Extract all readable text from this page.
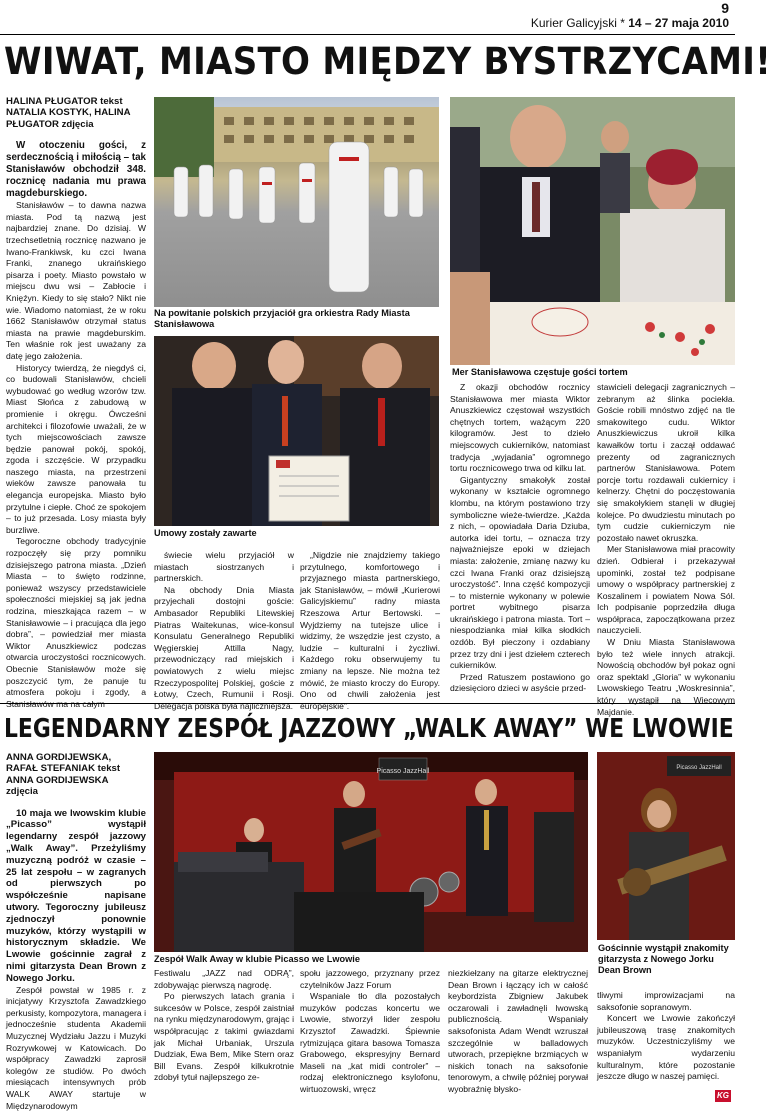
9
Kurier Galicyjski * 14 – 27 maja 2010
WIWAT, MIASTO MIĘDZY BYSTRZYCAMI!
HALINA PŁUGATOR tekst
NATALIA KOSTYK, HALINA
PŁUGATOR zdjęcia

W otoczeniu gości, z serdecznością i miłością – tak Stanisławów obchodził 348. rocznicę nadania mu prawa magdeburskiego.

Stanisławów – to dawna nazwa miasta. Pod tą nazwą jest najbardziej znane. Do dzisiaj. W trzechsetletnią rocznicę nazwano je Iwano-Frankiwsk, ku czci Iwana Franki, znanego ukraińskiego pisarza i poety. Miasto powstało w miejscu dwu wsi – Zabłocie i Knięźyn. Kiedy to się stało? Nikt nie wie. Wiadomo natomiast, że w roku 1662 Stanisławów otrzymał status miasta na prawie magdeburskim. Ten właśnie rok jest uważany za datę jego założenia.

Historycy twierdzą, że niegdyś ci, co budowali Stanisławów, chcieli wybudować go według wzorów tzw. Miast Słońca z zabudową w promienie i okręgu. Ówcześni architekci i filozofowie uważali, że w tych miejscowościach zawsze będzie panował pokój, spokój, zgoda i szczęście. W przypadku naszego miasta, na przestrzeni wieków zawsze panowała tu elegancja europejska. Miasto było przytulne i ciepłe. Choć ze spokojem – to już przesada. Losy miasta były burzliwe.

Tegoroczne obchody tradycyjnie rozpoczęły się przy pomniku dzisiejszego patrona miasta. „Dzień Miasta – to święto rodzinne, ponieważ wszyscy przedstawiciele społeczności miejskiej są jak jedna rodzina, mieszkająca razem – w Stanisławowie – i pracująca dla jego dobra”, – powiedział mer miasta Wiktor Anuszkiewicz podczas otwarcia uroczystości rocznicowych. Obecnie Stanisławów może się poszczycić tym, że panuje tu atmosfera pokoju i zgody, a Stanisławów ma na całym

Na powitanie polskich przyjaciół gra orkiestra Rady Miasta Stanisławowa
Umowy zostały zawarte

świecie wielu przyjaciół w miastach siostrzanych i partnerskich.

Na obchody Dnia Miasta przyjechali dostojni goście: Ambasador Republiki Litewskiej Piatras Waitekunas, wice-konsul Konsulatu Generalnego Republiki Węgierskiej Attilla Nagy, przewodniczący rad miejskich i powiatowych z wielu miejsc Rzeczypospolitej Polskiej, goście z Łotwy, Czech, Rumunii i Rosji. Delegacja polska była najliczniejsza.

„Nigdzie nie znajdziemy takiego przytulnego, komfortowego i przyjaznego miasta partnerskiego, jak Stanisławów, – mówił „Kurierowi Galicyjskiemu” radny miasta Rzeszowa Artur Bertowski. – Wyjdziemy na tutejsze ulice i widzimy, że wszędzie jest czysto, a ludzie – kulturalni i życzliwi. Każdego roku obserwujemy tu zmiany na lepsze. Nie można też mówić, że miasto kroczy do Europy. Ono od chwili założenia jest europejskie”.

Mer Stanisławowa częstuje gości tortem

Z okazji obchodów rocznicy Stanisławowa mer miasta Wiktor Anuszkiewicz częstował wszystkich chętnych tortem, ważącym 220 kilogramów. Jest to dzieło miejscowych cukierników, natomiast tradycja „wyjadania” ogromnego tortu rocznicowego trwa od kilku lat.

Gigantyczny smakołyk został wykonany w kształcie ogromnego klombu, na którym postawiono trzy symboliczne wieże-twierdze. „Każda z nich, – opowiadała Daria Dziuba, autorka idei tortu, – oznacza trzy najważniejsze epoki w dziejach miasta: założenie, zmianę nazwy ku czci Iwana Franki oraz dzisiejszą uroczystość”. Inna część kompozycji – to misternie wykonany w polewie portret wybitnego pisarza ukraińskiego i patrona miasta. Tort – niespodzianka miał kilka słodkich ozdób. Był pieczony i ozdabiany przez trzy dni i jest dziełem czterech cukierników.

Przed Ratuszem postawiono go dziesięciorо dzieci w asyście przed-

stawicieli delegacji zagranicznych – zebranym aż ślinka pociekła. Goście robili mnóstwo zdjęć na tle smakowitego cudu. Wiktor Anuszkiewiczus ukroił kilka kawałków tortu i zaczął oddawać prezenty od zagranicznych partnerów Stanisławowa. Potem porcje tortu rozdawali cukiernicy i kelnerzy. Chętni do poczęstowania się smakołykiem stanęli w długiej kolejce. Po dwudziestu minutach po tym cudzie cukierniczym nie pozostało nawet okruszka.

Mer Stanisławowa miał pracowity dzień. Odbierał i przekazywał upominki, został też podpisane umowy o współpracy partnerskiej z Koszalinem i powiatem Nowa Sól. Ich podpisanie poprzedziła długa współpraca, zapoczątkowana przez nauczycieli.

W Dniu Miasta Stanisławowa było też wiele innych atrakcji. Nowością obchodów był pokaz ogni oraz spektakl „Gloria” w wykonaniu Lwowskiego Teatru „Woskresinnia”, który wystąpił na Wiecowym Majdanie.

LEGENDARNY ZESPÓŁ JAZZOWY „WALK AWAY” WE LWOWIE
ANNA GORDIJEWSKA,
RAFAŁ STEFANIAK tekst
ANNA GORDIJEWSKA
zdjęcia

10 maja we lwowskim klubie „Picasso” wystąpił legendarny zespół jazzowy „Walk Away”. Przeżyliśmy muzyczną podróż w czasie – 25 lat zespołu – w zagranych od pierwszych po współcześnie napisane utwory. Tegoroczny jubileusz zjednoczył ponownie muzyków, którzy wystąpili w historycznym składzie. We Lwowie gościnnie zagrał z nimi gitarzysta Dean Brown z Nowego Jorku.

Zespół powstał w 1985 r. z inicjatywy Krzysztofa Zawadzkiego perkusisty, kompozytora, managera i jednocześnie studenta Akademii Muzycznej Wydziału Jazzu i Muzyki Rozrywkowej w Katowicach. Do współpracy Zawadzki zaprosił kolegów ze studiów. Po dwóch miesiącach intensywnych prób WALK AWAY startuje w Międzynarodowym

Picasso JazzHall
Zespół Walk Away w klubie Picasso we Lwowie
Picasso JazzHall
Gościnnie wystąpił znakomity gitarzysta z Nowego Jorku Dean Brown

Festiwalu „JAZZ nad ODRĄ”, zdobywając pierwszą nagrodę.

Po pierwszych latach grania i sukcesów w Polsce, zespół zaistniał na rynku międzynarodowym, grając i współpracując z takimi gwiazdami jak Michał Urbaniak, Urszula Dudziak, Ewa Bem, Mike Stern oraz Bill Evans. Zespół kilkukrotnie zdobył tytuł najlepszego ze-

społu jazzowego, przyznany przez czytelników Jazz Forum

Wspaniale tło dla pozostałych muzyków podczas koncertu we Lwowie, stworzył lider zespołu Krzysztof Zawadzki. Śpiewnie rytmizująca gitara basowa Tomasza Grabowego, ekspresyjny Bernard Maseli na „kat midi controler” – rodzaj elektronicznego ksylofonu, wirtuozowski, wręcz

niezkiełzany na gitarze elektrycznej Dean Brown i łączący ich w całość keybordzista Zbigniew Jakubek oczarowali i zawładnęli lwowską publicznością. Wspaniały saksofonista Adam Wendt wzruszał szczególnie w balladowych utworach, przepiękne brzmiących w niskich tonach na saksofonie tenorowym, a chwilę później porywał wyobraźnię błysko-

tliwymi improwizacjami na saksofonie sopranowym.

Koncert we Lwowie zakończył jubileuszową trasę znakomitych muzyków. Uczestniczyliśmy we wspaniałym wydarzeniu kulturalnym, które pozostanie jeszcze długo w naszej pamięci.

KG
